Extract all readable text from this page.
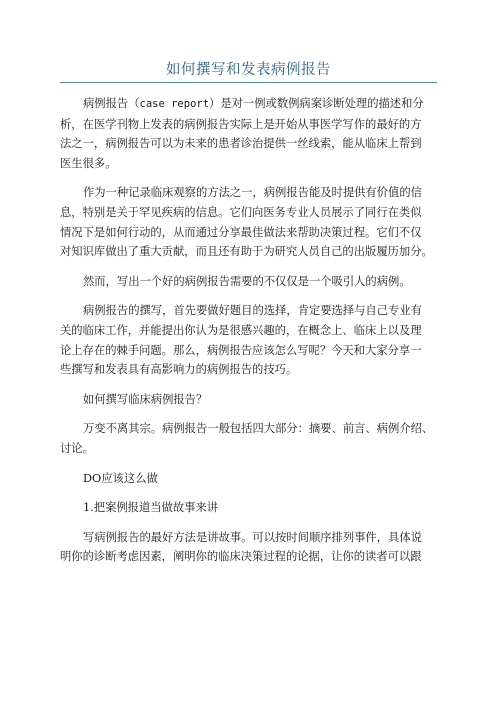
如何撰写和发表病例报告

病例报告（case report）是对一例或数例病案诊断处理的描述和分
析，在医学刊物上发表的病例报告实际上是开始从事医学写作的最好的方
法之一，病例报告可以为未来的患者诊治提供一丝线索，能从临床上帮到
医生很多。

作为一种记录临床观察的方法之一，病例报告能及时提供有价值的信
息，特别是关于罕见疾病的信息。它们向医务专业人员展示了同行在类似
情况下是如何行动的，从而通过分享最佳做法来帮助决策过程。它们不仅
对知识库做出了重大贡献，而且还有助于为研究人员自己的出版履历加分。

然而，写出一个好的病例报告需要的不仅仅是一个吸引人的病例。

病例报告的撰写，首先要做好题目的选择，肯定要选择与自己专业有
关的临床工作，并能提出你认为是很感兴趣的，在概念上、临床上以及理
论上存在的棘手问题。那么，病例报告应该怎么写呢？今天和大家分享一
些撰写和发表具有高影响力的病例报告的技巧。

如何撰写临床病例报告？

万变不离其宗。病例报告一般包括四大部分：摘要、前言、病例介绍、
讨论。

DO应该这么做

1.把案例报道当做故事来讲

写病例报告的最好方法是讲故事。可以按时间顺序排列事件，具体说
明你的诊断考虑因素，阐明你的临床决策过程的论据，让你的读者可以跟
